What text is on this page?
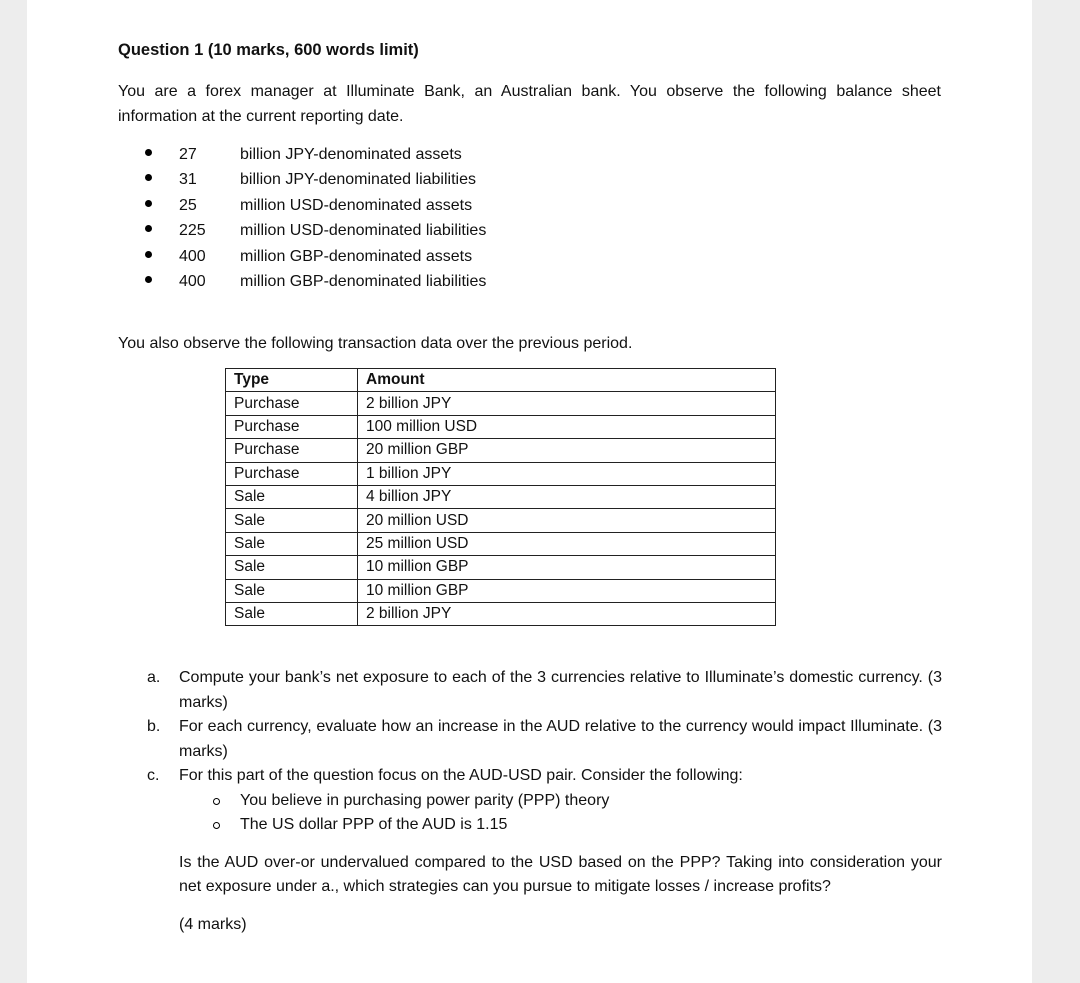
Question 1 (10 marks, 600 words limit)
You are a forex manager at Illuminate Bank, an Australian bank. You observe the following balance sheet information at the current reporting date.
27	billion JPY-denominated assets
31	billion JPY-denominated liabilities
25	million USD-denominated assets
225 million USD-denominated liabilities
400 million GBP-denominated assets
400 million GBP-denominated liabilities
You also observe the following transaction data over the previous period.
Type	Amount
Purchase	2 billion JPY
Purchase	100 million USD
Purchase	20 million GBP
Purchase	1 billion JPY
Sale	4 billion JPY
Sale	20 million USD
Sale	25 million USD
Sale	10 million GBP
Sale	10 million GBP
Sale	2 billion JPY
a. Compute your bank’s net exposure to each of the 3 currencies relative to Illuminate’s domestic currency. (3 marks)
b. For each currency, evaluate how an increase in the AUD relative to the currency would impact Illuminate. (3 marks)
c. For this part of the question focus on the AUD-USD pair. Consider the following:
You believe in purchasing power parity (PPP) theory
The US dollar PPP of the AUD is 1.15
Is the AUD over-or undervalued compared to the USD based on the PPP? Taking into consideration your net exposure under a., which strategies can you pursue to mitigate losses / increase profits?
(4 marks)
